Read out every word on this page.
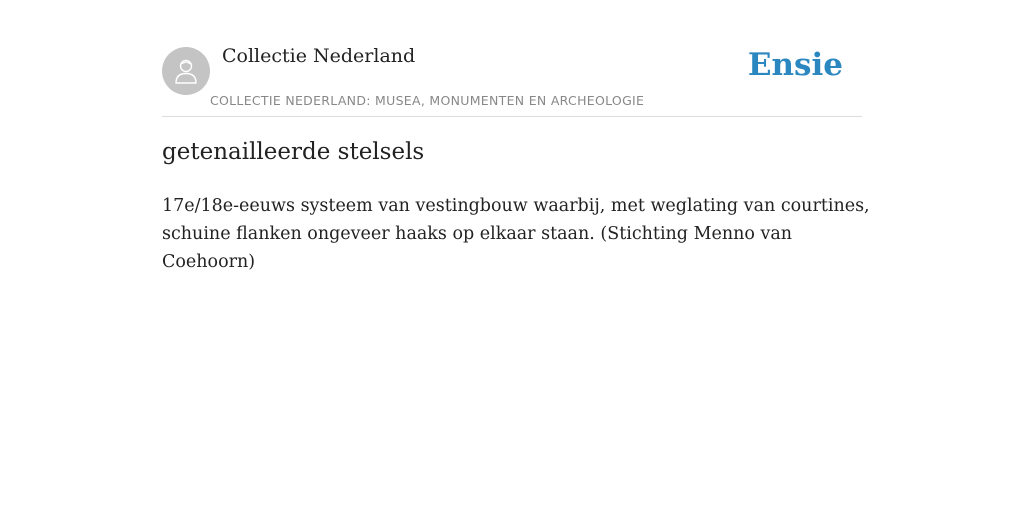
Collectie Nederland
COLLECTIE NEDERLAND: MUSEA, MONUMENTEN EN ARCHEOLOGIE
Ensie
getenailleerde stelsels

17e/18e-eeuws systeem van vestingbouw waarbij, met weglating van courtines, schuine flanken ongeveer haaks op elkaar staan. (Stichting Menno van Coehoorn)
